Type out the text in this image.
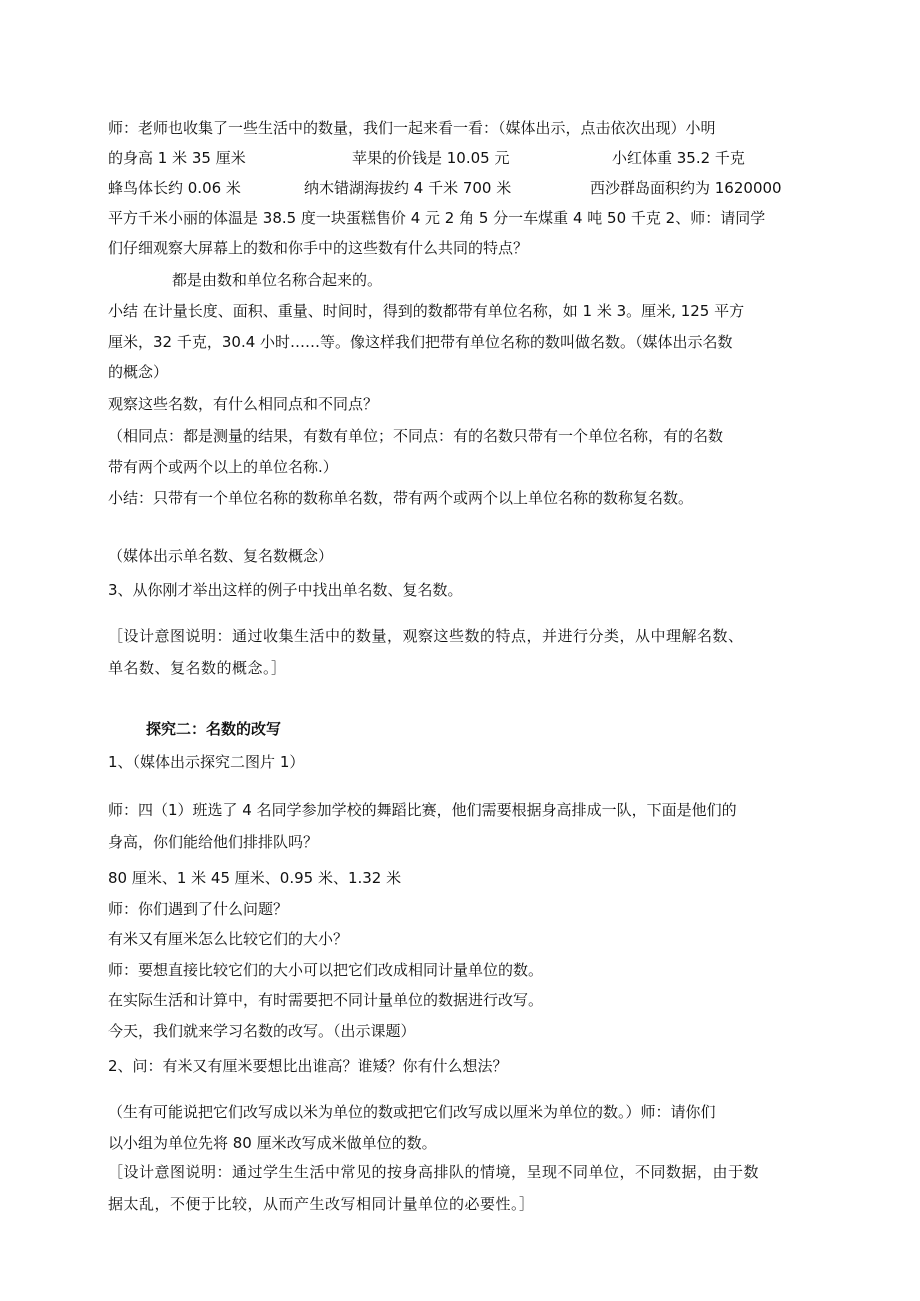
师：老师也收集了一些生活中的数量，我们一起来看一看：（媒体出示，点击依次出现）小明
的身高 1 米 35 厘米	苹果的价钱是 10.05 元	小红体重 35.2 千克
蜂鸟体长约 0.06 米	纳木错湖海拔约 4 千米 700 米	西沙群岛面积约为 1620000
平方千米小丽的体温是 38.5 度一块蛋糕售价 4 元 2 角 5 分一车煤重 4 吨 50 千克 2、师：请同学
们仔细观察大屏幕上的数和你手中的这些数有什么共同的特点？
都是由数和单位名称合起来的。
小结 在计量长度、面积、重量、时间时，得到的数都带有单位名称，如 1 米 3。厘米, 125 平方
厘米，32 千克，30.4 小时……等。像这样我们把带有单位名称的数叫做名数。（媒体出示名数
的概念）
观察这些名数，有什么相同点和不同点？
（相同点：都是测量的结果，有数有单位；不同点：有的名数只带有一个单位名称，有的名数
带有两个或两个以上的单位名称.）
小结：只带有一个单位名称的数称单名数，带有两个或两个以上单位名称的数称复名数。
（媒体出示单名数、复名数概念）
3、从你刚才举出这样的例子中找出单名数、复名数。
［设计意图说明：通过收集生活中的数量，观察这些数的特点，并进行分类，从中理解名数、
单名数、复名数的概念。］
探究二：名数的改写
1、（媒体出示探究二图片 1）
师：四（1）班选了 4 名同学参加学校的舞蹈比赛，他们需要根据身高排成一队，下面是他们的
身高，你们能给他们排排队吗？
80 厘米、1 米 45 厘米、0.95 米、1.32 米
师：你们遇到了什么问题？
有米又有厘米怎么比较它们的大小？
师：要想直接比较它们的大小可以把它们改成相同计量单位的数。
在实际生活和计算中，有时需要把不同计量单位的数据进行改写。
今天，我们就来学习名数的改写。（出示课题）
2、问：有米又有厘米要想比出谁高？谁矮？你有什么想法？
（生有可能说把它们改写成以米为单位的数或把它们改写成以厘米为单位的数。）师：请你们
以小组为单位先将 80 厘米改写成米做单位的数。
［设计意图说明：通过学生生活中常见的按身高排队的情境，呈现不同单位，不同数据，由于数
据太乱，不便于比较，从而产生改写相同计量单位的必要性。］
